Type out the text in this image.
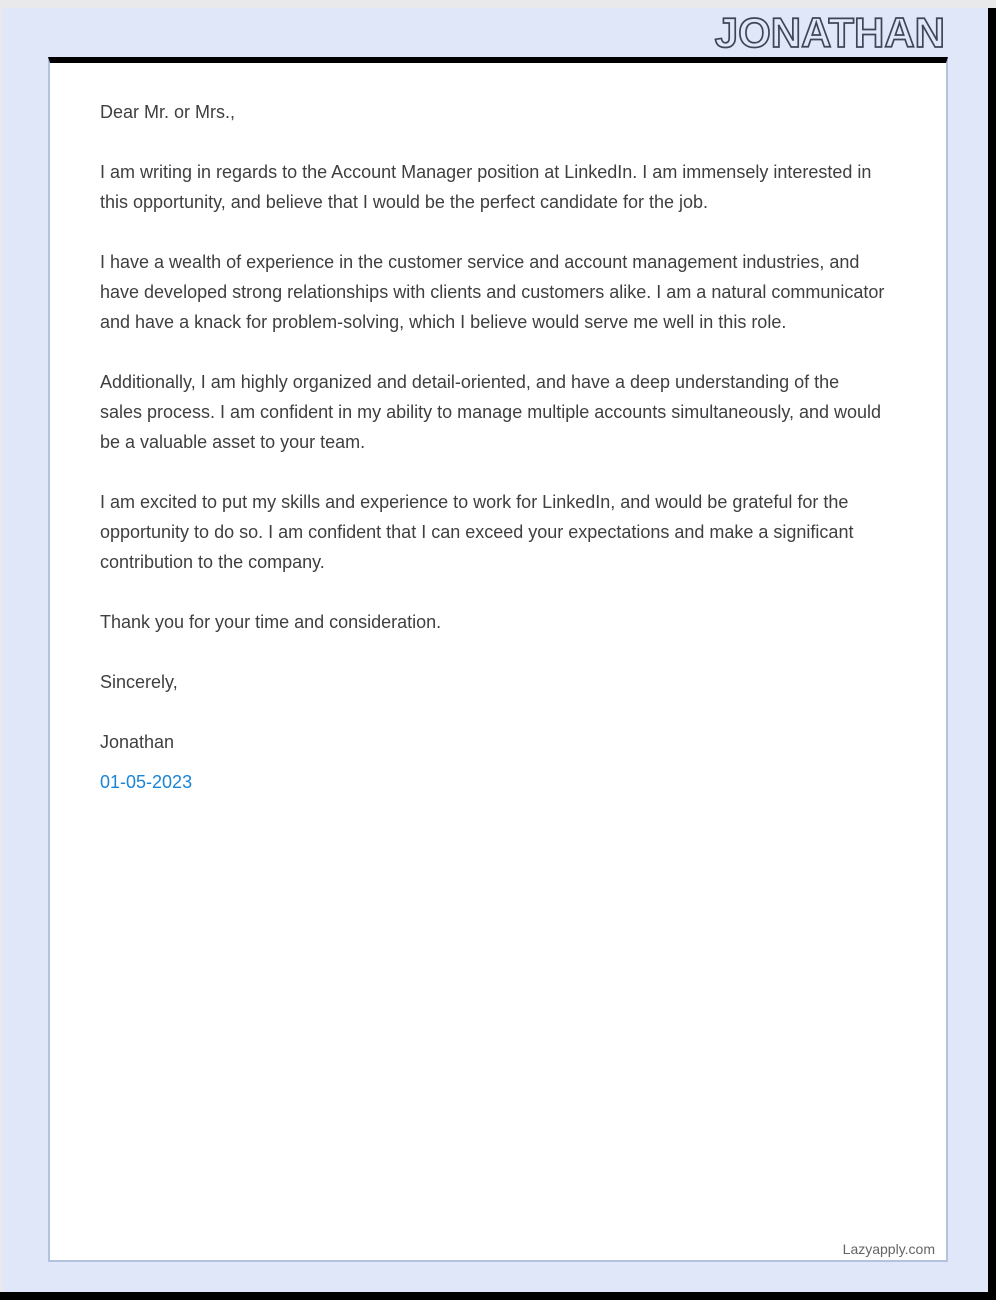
JONATHAN

Dear Mr. or Mrs.,

I am writing in regards to the Account Manager position at LinkedIn. I am immensely interested in this opportunity, and believe that I would be the perfect candidate for the job.

I have a wealth of experience in the customer service and account management industries, and have developed strong relationships with clients and customers alike. I am a natural communicator and have a knack for problem-solving, which I believe would serve me well in this role.

Additionally, I am highly organized and detail-oriented, and have a deep understanding of the sales process. I am confident in my ability to manage multiple accounts simultaneously, and would be a valuable asset to your team.

I am excited to put my skills and experience to work for LinkedIn, and would be grateful for the opportunity to do so. I am confident that I can exceed your expectations and make a significant contribution to the company.

Thank you for your time and consideration.

Sincerely,

Jonathan

01-05-2023
Lazyapply.com
